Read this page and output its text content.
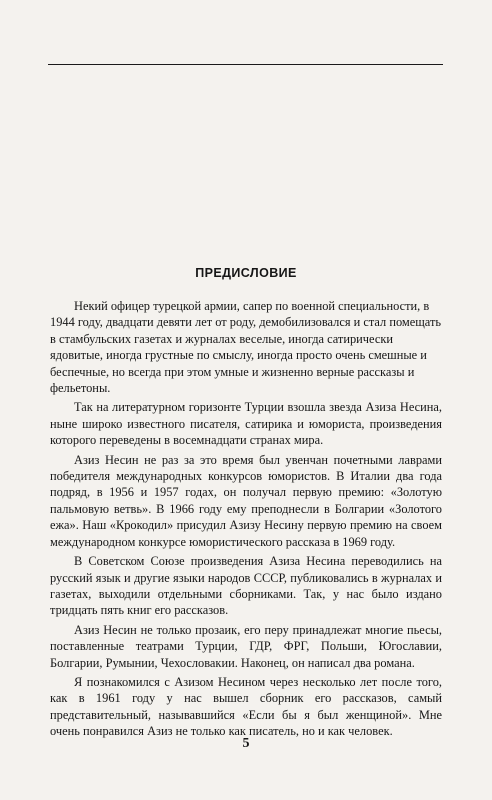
ПРЕДИСЛОВИЕ

Некий офицер турецкой армии, сапер по военной специальности, в 1944 году, двадцати девяти лет от роду, демобилизовался и стал помещать в стамбульских газетах и журналах веселые, иногда сатирически ядовитые, иногда грустные по смыслу, иногда просто очень смешные и беспечные, но всегда при этом умные и жизненно верные рассказы и фельетоны.

Так на литературном горизонте Турции взошла звезда Азиза Несина, ныне широко известного писателя, сатирика и юмориста, произведения которого переведены в восемнадцати странах мира.

Азиз Несин не раз за это время был увенчан почетными лаврами победителя международных конкурсов юмористов. В Италии два года подряд, в 1956 и 1957 годах, он получал первую премию: «Золотую пальмовую ветвь». В 1966 году ему преподнесли в Болгарии «Золотого ежа». Наш «Крокодил» присудил Азизу Несину первую премию на своем международном конкурсе юмористического рассказа в 1969 году.

В Советском Союзе произведения Азиза Несина переводились на русский язык и другие языки народов СССР, публиковались в журналах и газетах, выходили отдельными сборниками. Так, у нас было издано тридцать пять книг его рассказов.

Азиз Несин не только прозаик, его перу принадлежат многие пьесы, поставленные театрами Турции, ГДР, ФРГ, Польши, Югославии, Болгарии, Румынии, Чехословакии. Наконец, он написал два романа.

Я познакомился с Азизом Несином через несколько лет после того, как в 1961 году у нас вышел сборник его рассказов, самый представительный, называвшийся «Если бы я был женщиной». Мне очень понравился Азиз не только как писатель, но и как человек.

5
